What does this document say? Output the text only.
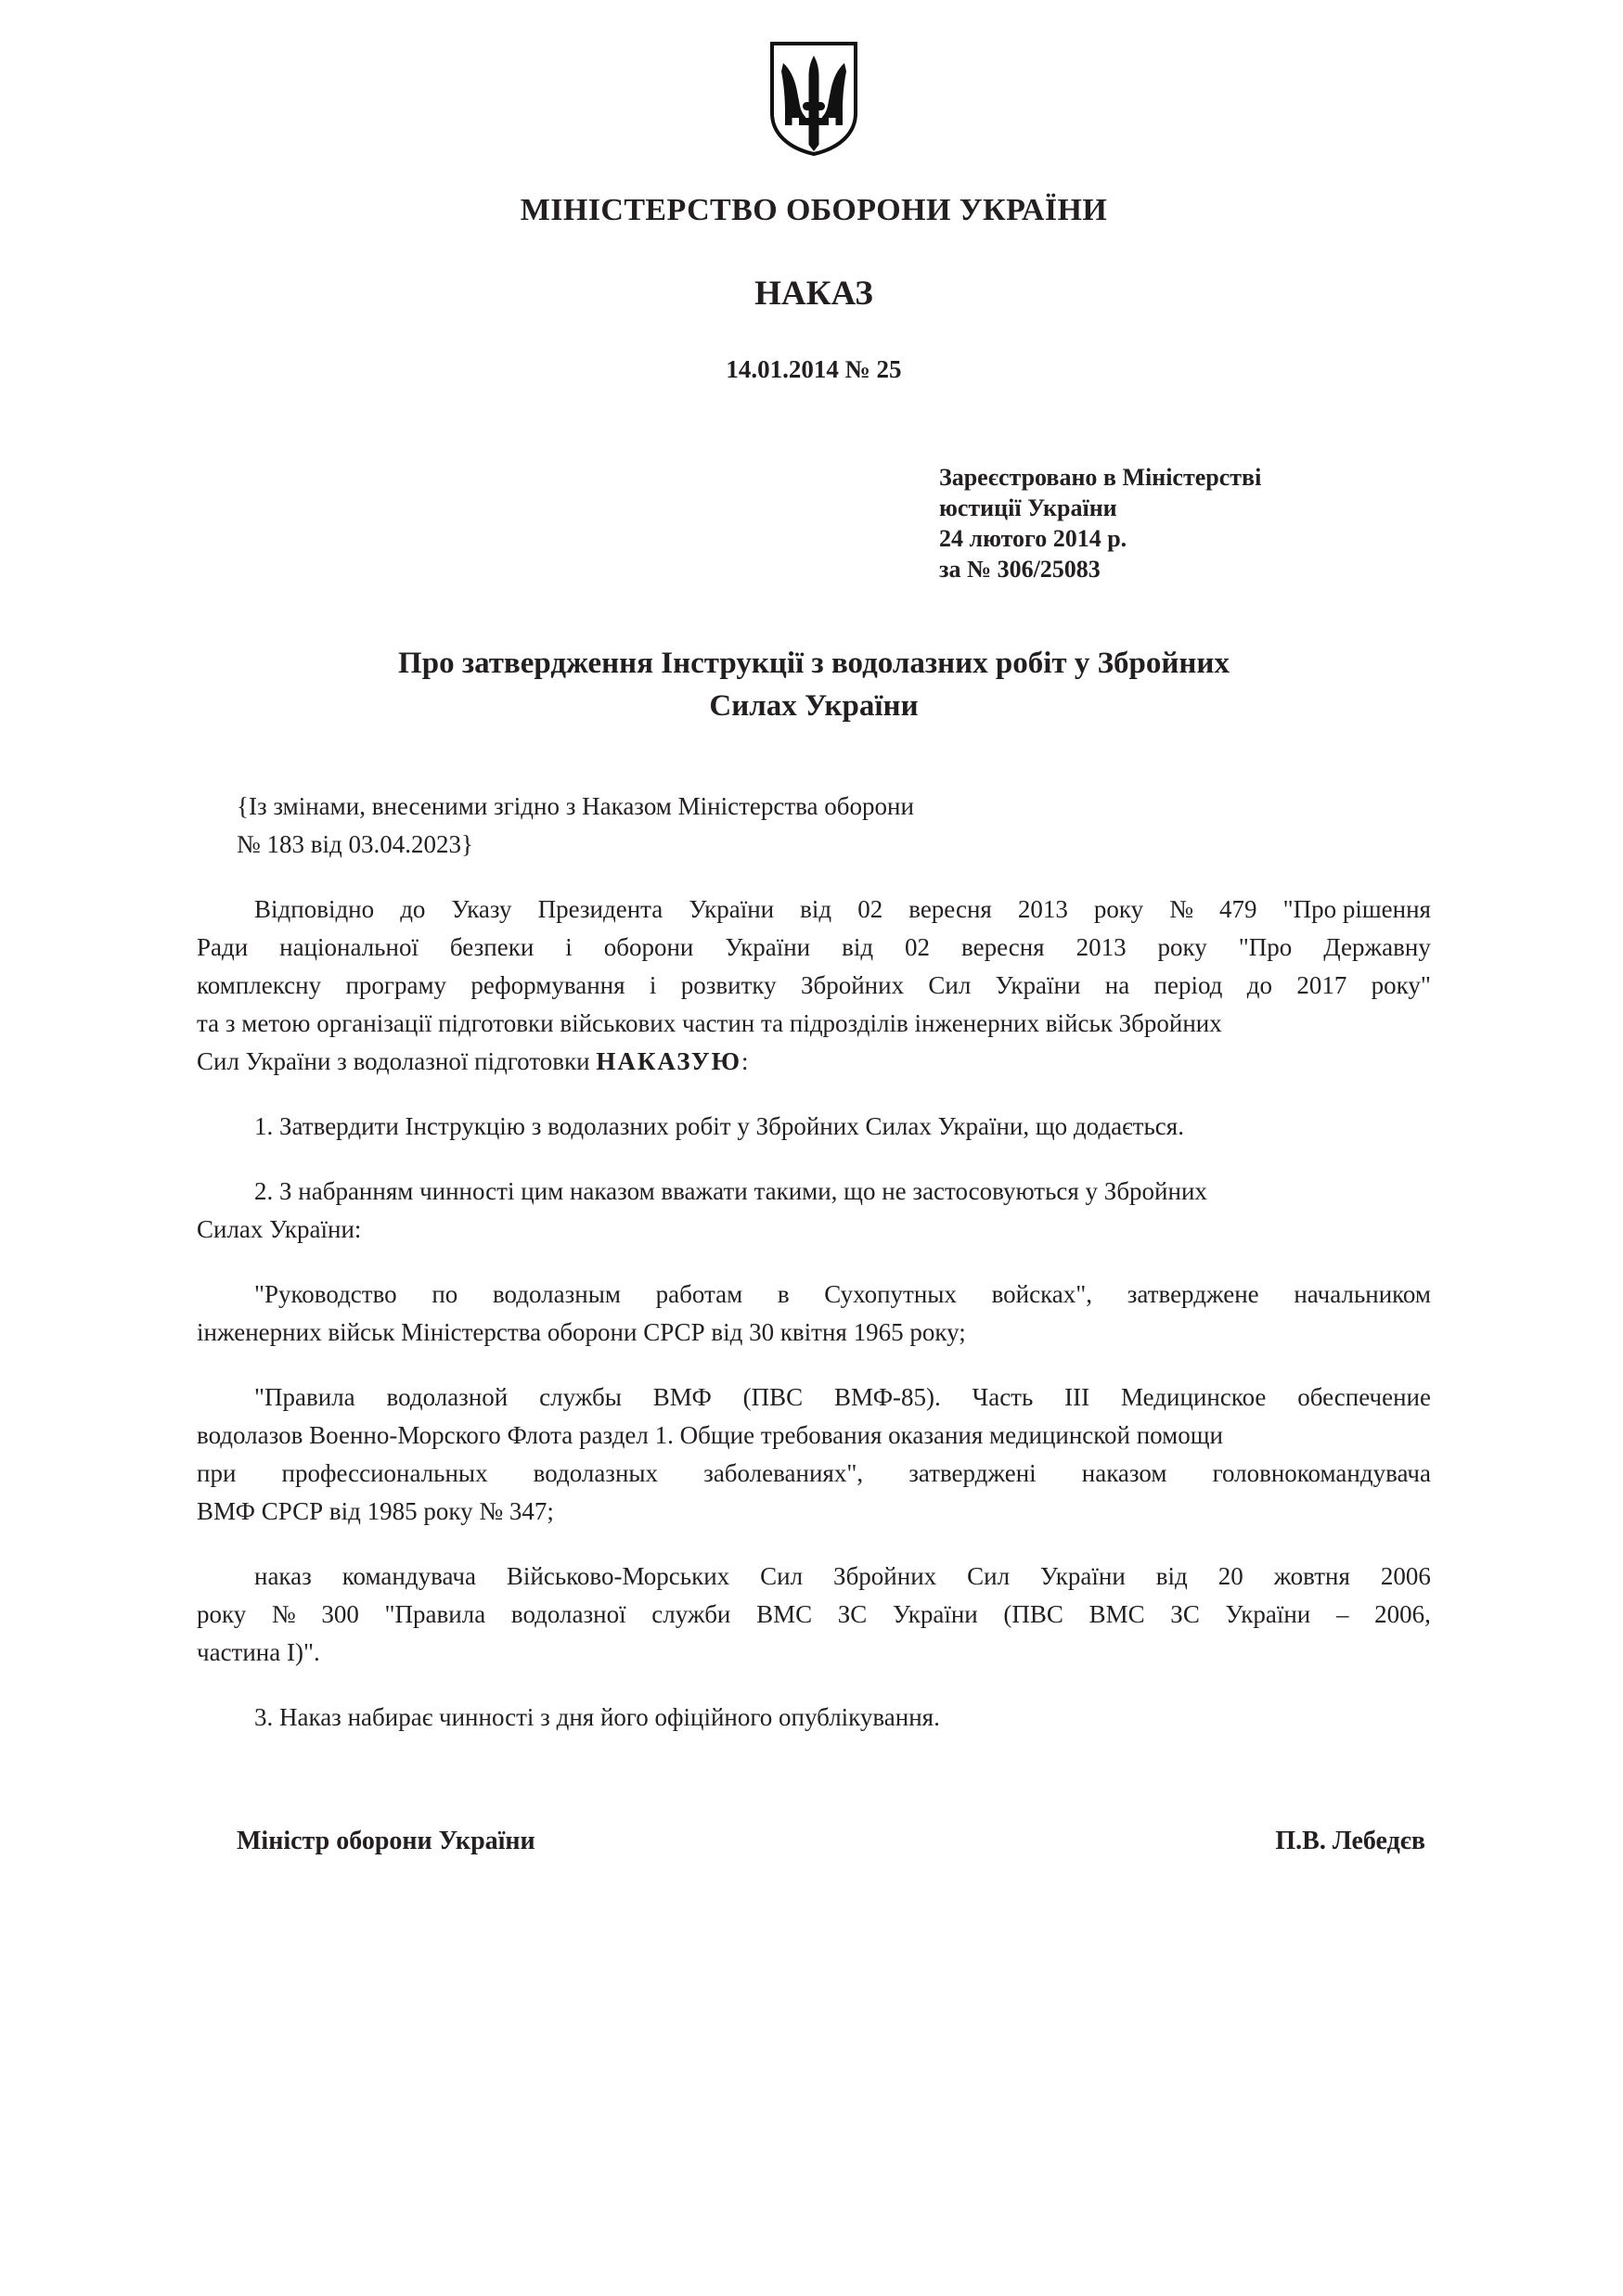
МІНІСТЕРСТВО ОБОРОНИ УКРАЇНИ
НАКАЗ
14.01.2014 № 25
Зареєстровано в Міністерстві
юстиції України
24 лютого 2014 р.
за № 306/25083
Про затвердження Інструкції з водолазних робіт у Збройних
Силах України
{Із змінами, внесеними згідно з Наказом Міністерства оборони
№ 183 від 03.04.2023}
Відповідно до Указу Президента України від 02 вересня 2013 року № 479 "Про рішення
Ради національної безпеки і оборони України від 02 вересня 2013 року "Про Державну
комплексну програму реформування і розвитку Збройних Сил України на період до 2017 року"
та з метою організації підготовки військових частин та підрозділів інженерних військ Збройних
Сил України з водолазної підготовки НАКАЗУЮ:
1. Затвердити Інструкцію з водолазних робіт у Збройних Силах України, що додається.
2. З набранням чинності цим наказом вважати такими, що не застосовуються у Збройних
Силах України:
"Руководство по водолазным работам в Сухопутных войсках", затверджене начальником
інженерних військ Міністерства оборони СРСР від 30 квітня 1965 року;
"Правила водолазной службы ВМФ (ПВС ВМФ-85). Часть III Медицинское обеспечение
водолазов Военно-Морского Флота раздел 1. Общие требования оказания медицинской помощи
при профессиональных водолазных заболеваниях", затверджені наказом головнокомандувача
ВМФ СРСР від 1985 року № 347;
наказ командувача Військово-Морських Сил Збройних Сил України від 20 жовтня 2006
року № 300 "Правила водолазної служби ВМС ЗС України (ПВС ВМС ЗС України – 2006,
частина I)".
3. Наказ набирає чинності з дня його офіційного опублікування.
Міністр оборони України	П.В. Лебедєв
